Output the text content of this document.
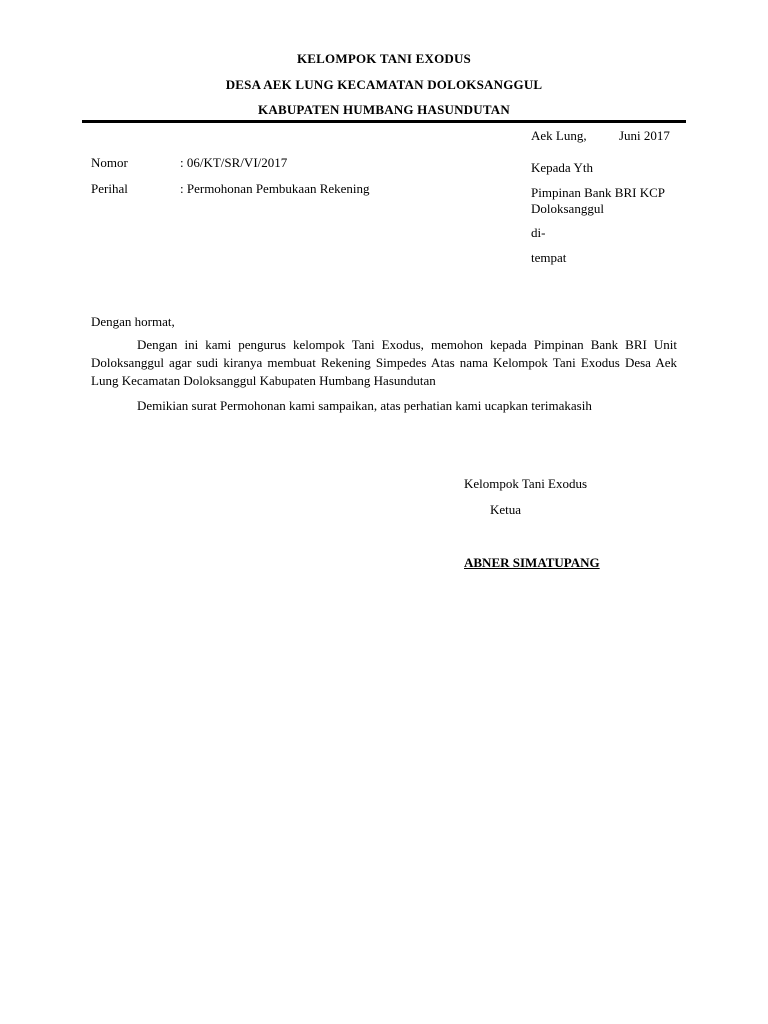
KELOMPOK TANI EXODUS
DESA AEK LUNG KECAMATAN DOLOKSANGGUL
KABUPATEN HUMBANG HASUNDUTAN
Aek Lung, Juni 2017
Nomor	: 06/KT/SR/VI/2017
Perihal	: Permohonan Pembukaan Rekening
Kepada Yth
Pimpinan Bank BRI KCP
Doloksanggul
di-
tempat
Dengan hormat,
Dengan ini kami pengurus kelompok Tani Exodus, memohon kepada Pimpinan Bank BRI Unit Doloksanggul agar sudi kiranya membuat Rekening Simpedes Atas nama Kelompok Tani Exodus Desa Aek Lung Kecamatan Doloksanggul Kabupaten Humbang Hasundutan
Demikian surat Permohonan kami sampaikan, atas perhatian kami ucapkan terimakasih
Kelompok Tani Exodus
Ketua
ABNER SIMATUPANG
